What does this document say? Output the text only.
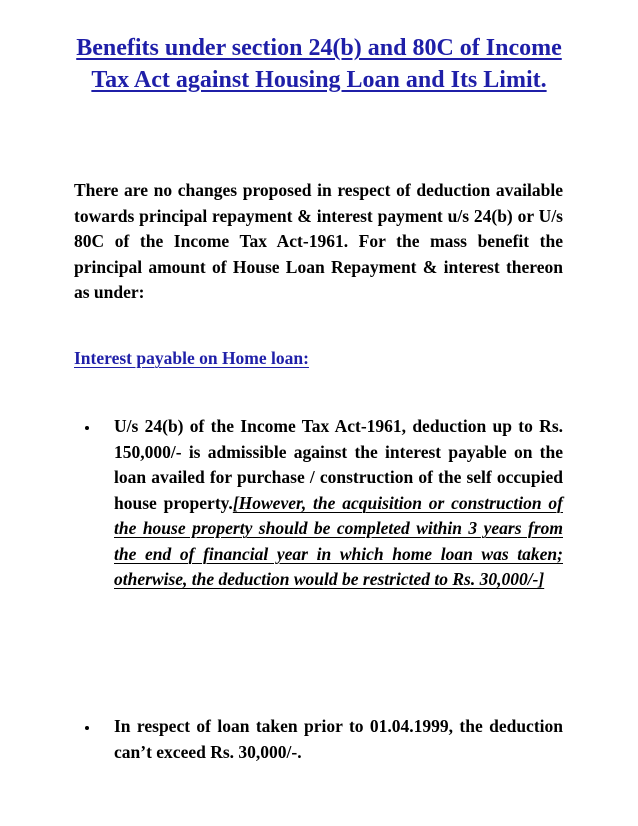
Benefits under section 24(b) and 80C of Income Tax Act against Housing Loan and Its Limit.

There are no changes proposed in respect of deduction available towards principal repayment & interest payment u/s 24(b) or U/s 80C of the Income Tax Act-1961. For the mass benefit the principal amount of House Loan Repayment & interest thereon as under:

Interest payable on Home loan:

U/s 24(b) of the Income Tax Act-1961, deduction up to Rs. 150,000/- is admissible against the interest payable on the loan availed for purchase / construction of the self occupied house property.[However, the acquisition or construction of the house property should be completed within 3 years from the end of financial year in which home loan was taken; otherwise, the deduction would be restricted to Rs. 30,000/-]

In respect of loan taken prior to 01.04.1999, the deduction can’t exceed Rs. 30,000/-.
